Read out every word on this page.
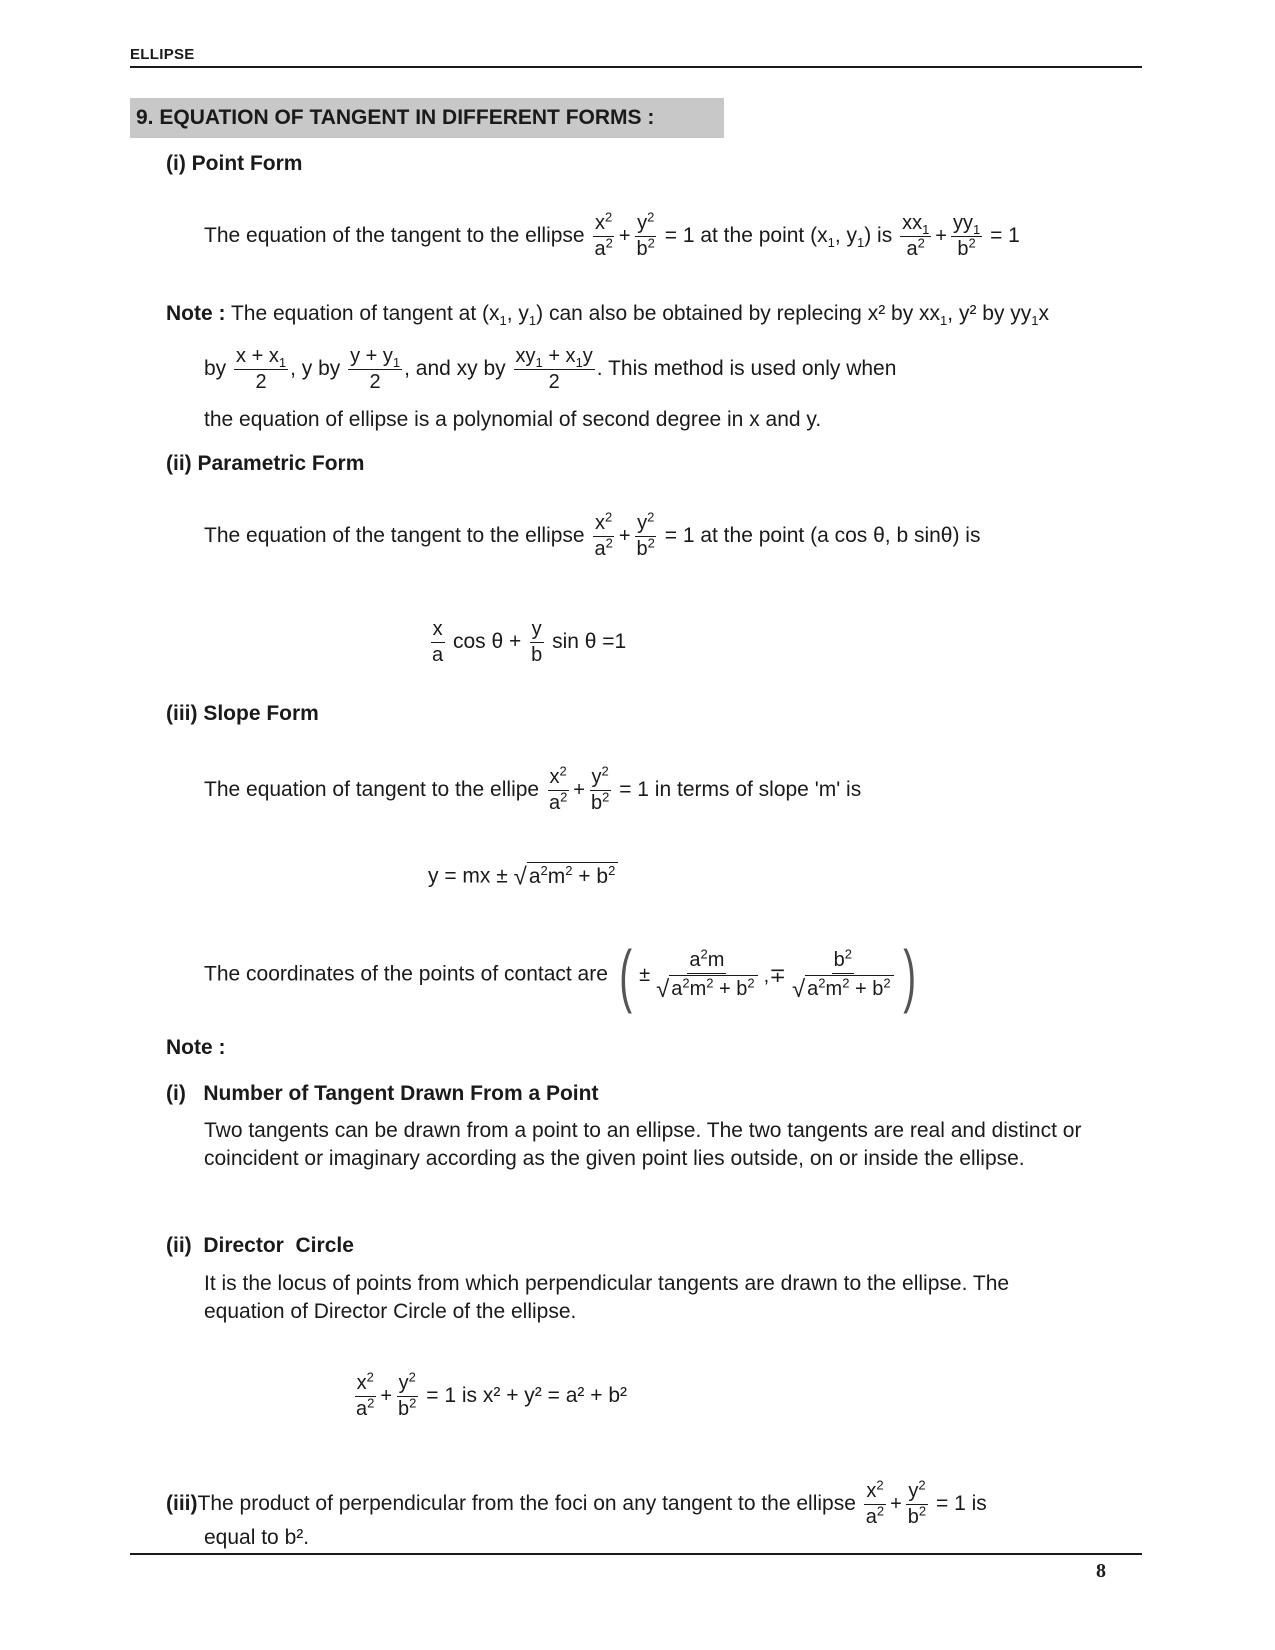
ELLIPSE
9. EQUATION OF TANGENT IN DIFFERENT FORMS :
(i) Point Form
The equation of the tangent to the ellipse $\frac{x^2}{a^2} + \frac{y^2}{b^2} = 1$ at the point ($x_1$, $y_1$) is $\frac{xx_1}{a^2} + \frac{yy_1}{b^2} = 1$
Note : The equation of tangent at ($x_1$, $y_1$) can also be obtained by replecing x² by $xx_1$, y² by $yy_1x$
by $\frac{x + x_1}{2}$ , y by $\frac{y + y_1}{2}$ , and xy by $\frac{xy_1 + x_1y}{2}$ . This method is used only when
the equation of ellipse is a polynomial of second degree in x and y.
(ii) Parametric Form
The equation of the tangent to the ellipse $\frac{x^2}{a^2} + \frac{y^2}{b^2} = 1$ at the point (a cos θ, b sinθ) is
$\frac{x}{a}$ $\cos \theta + \frac{y}{b}$ sin θ =1
(iii) Slope Form
The equation of tangent to the ellipe $\frac{x^2}{a^2} + \frac{y^2}{b^2} = 1$ in terms of slope 'm' is
y = mx ± $√a^2m^2 + b^2$
The coordinates of the points of contact are ( ± $\frac{a^2m}{√ a^2m^2 + b^2}$ ,∓ $\frac{b^2}{√ a^2m^2 + b^2}$ )
Note :
(i)   Number of Tangent Drawn From a Point
Two tangents can be drawn from a point to an ellipse. The two tangents are real and distinct or coincident or imaginary according as the given point lies outside, on or inside the ellipse.
(ii)  Director  Circle
It is the locus of points from which perpendicular tangents are drawn to the ellipse. The equation of Director Circle of the ellipse.
$\frac{x^2}{a^2} + \frac{y^2}{b^2} = 1$ is x² + y² = a² + b²
(iii)The product of perpendicular from the foci on any tangent to the ellipse $\frac{x^2}{a^2} + \frac{y^2}{b^2} = 1$ is
equal to b².
8
